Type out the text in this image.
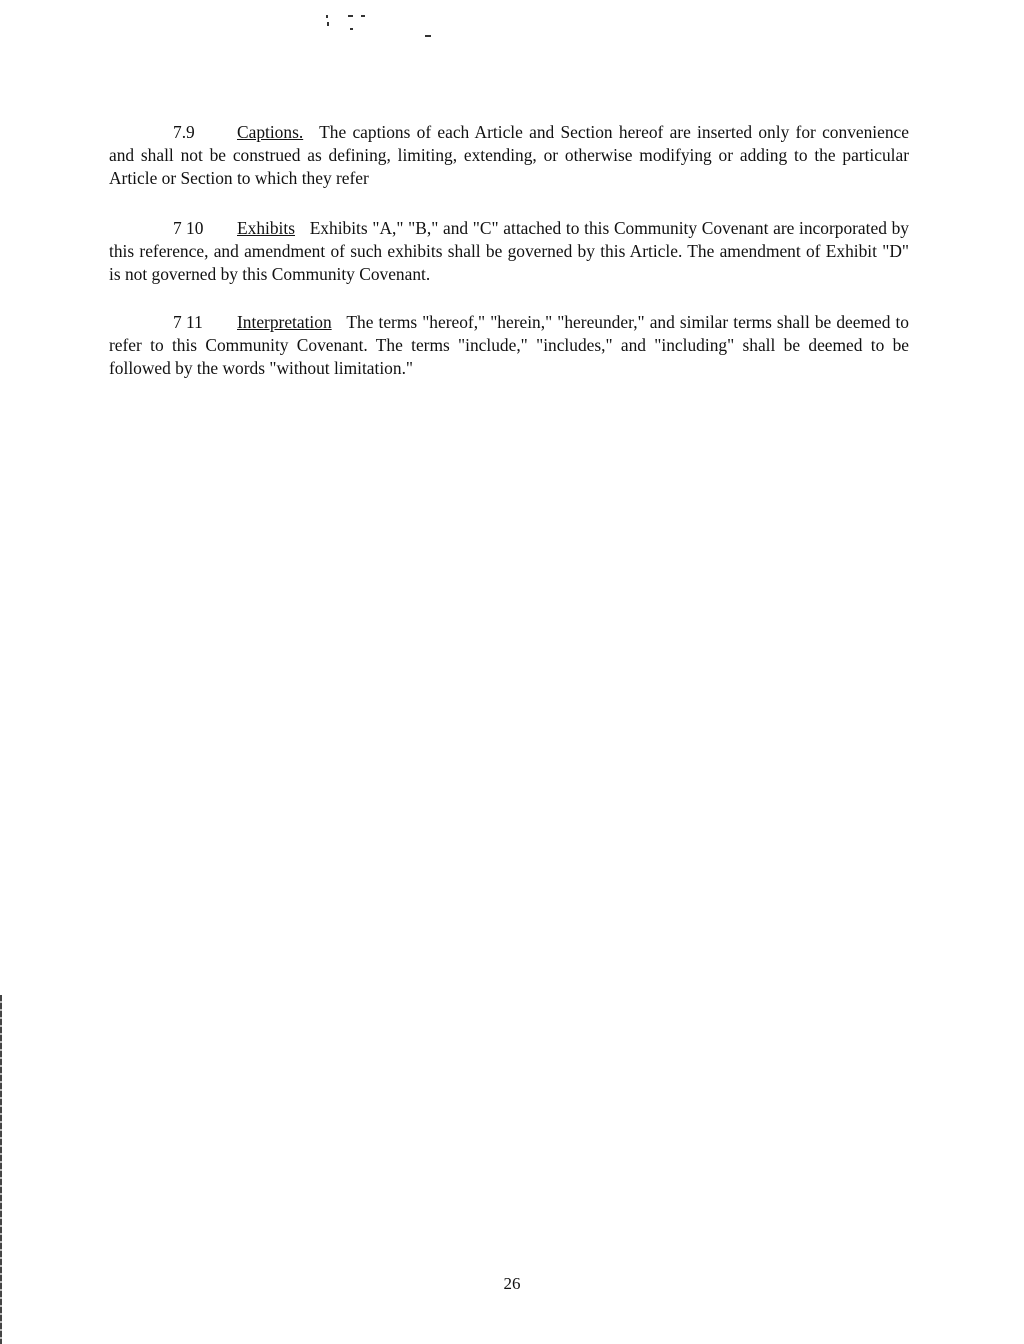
7.9 Captions. The captions of each Article and Section hereof are inserted only for convenience and shall not be construed as defining, limiting, extending, or otherwise modifying or adding to the particular Article or Section to which they refer

7 10 Exhibits Exhibits "A," "B," and "C" attached to this Community Covenant are incorporated by this reference, and amendment of such exhibits shall be governed by this Article. The amendment of Exhibit "D" is not governed by this Community Covenant.

7 11 Interpretation The terms "hereof," "herein," "hereunder," and similar terms shall be deemed to refer to this Community Covenant. The terms "include," "includes," and "including" shall be deemed to be followed by the words "without limitation."

26
